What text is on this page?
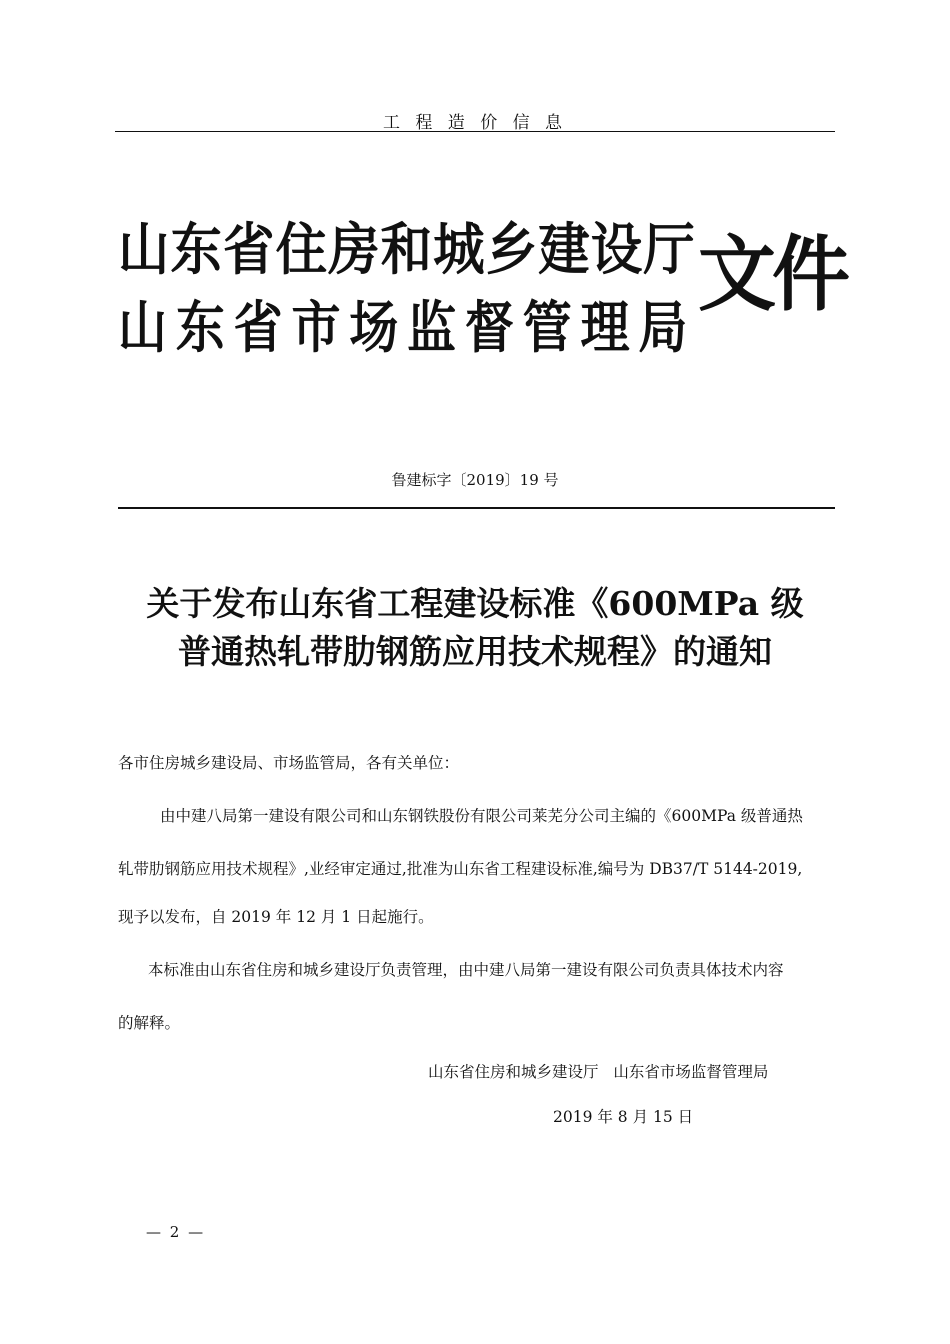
工 程 造 价 信 息
山东省住房和城乡建设厅
山东省市场监督管理局
文件
鲁建标字〔2019〕19 号
关于发布山东省工程建设标准《600MPa 级
普通热轧带肋钢筋应用技术规程》的通知
各市住房城乡建设局、市场监管局，各有关单位：
由中建八局第一建设有限公司和山东钢铁股份有限公司莱芜分公司主编的《600MPa 级普通热
轧带肋钢筋应用技术规程》,业经审定通过,批准为山东省工程建设标准,编号为 DB37/T 5144-2019,
现予以发布，自 2019 年 12 月 1 日起施行。
本标准由山东省住房和城乡建设厅负责管理，由中建八局第一建设有限公司负责具体技术内容
的解释。
山东省住房和城乡建设厅 山东省市场监督管理局
2019 年 8 月 15 日
— 2 —
